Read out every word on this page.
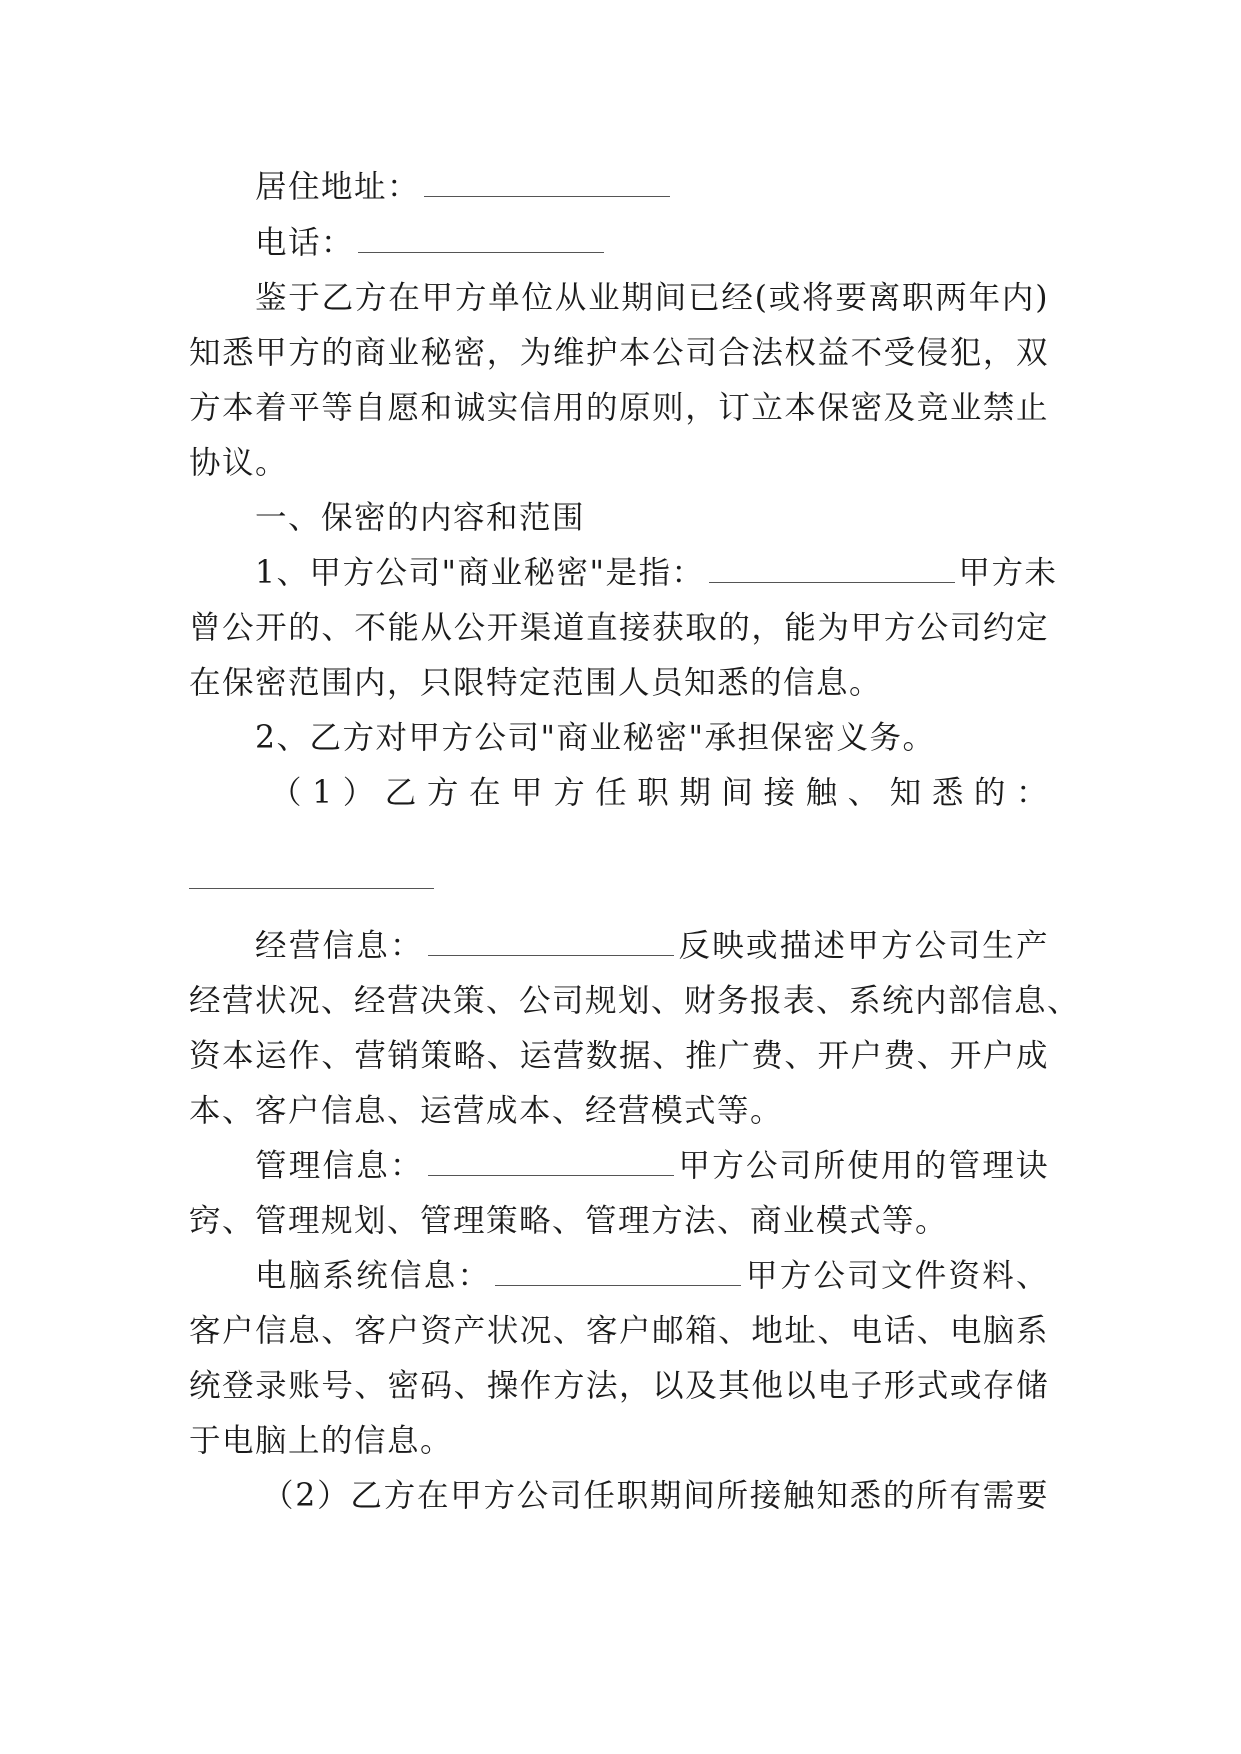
居住地址：
电话：
鉴于乙方在甲方单位从业期间已经(或将要离职两年内)
知悉甲方的商业秘密，为维护本公司合法权益不受侵犯，双
方本着平等自愿和诚实信用的原则，订立本保密及竞业禁止
协议。
一、保密的内容和范围
1、甲方公司"商业秘密"是指：	甲方未
曾公开的、不能从公开渠道直接获取的，能为甲方公司约定
在保密范围内，只限特定范围人员知悉的信息。
2、乙方对甲方公司"商业秘密"承担保密义务。
（1）乙方在甲方任职期间接触、知悉的：
经营信息：	反映或描述甲方公司生产
经营状况、经营决策、公司规划、财务报表、系统内部信息、
资本运作、营销策略、运营数据、推广费、开户费、开户成
本、客户信息、运营成本、经营模式等。
管理信息：	甲方公司所使用的管理诀
窍、管理规划、管理策略、管理方法、商业模式等。
电脑系统信息：	甲方公司文件资料、
客户信息、客户资产状况、客户邮箱、地址、电话、电脑系
统登录账号、密码、操作方法，以及其他以电子形式或存储
于电脑上的信息。
（2）乙方在甲方公司任职期间所接触知悉的所有需要
